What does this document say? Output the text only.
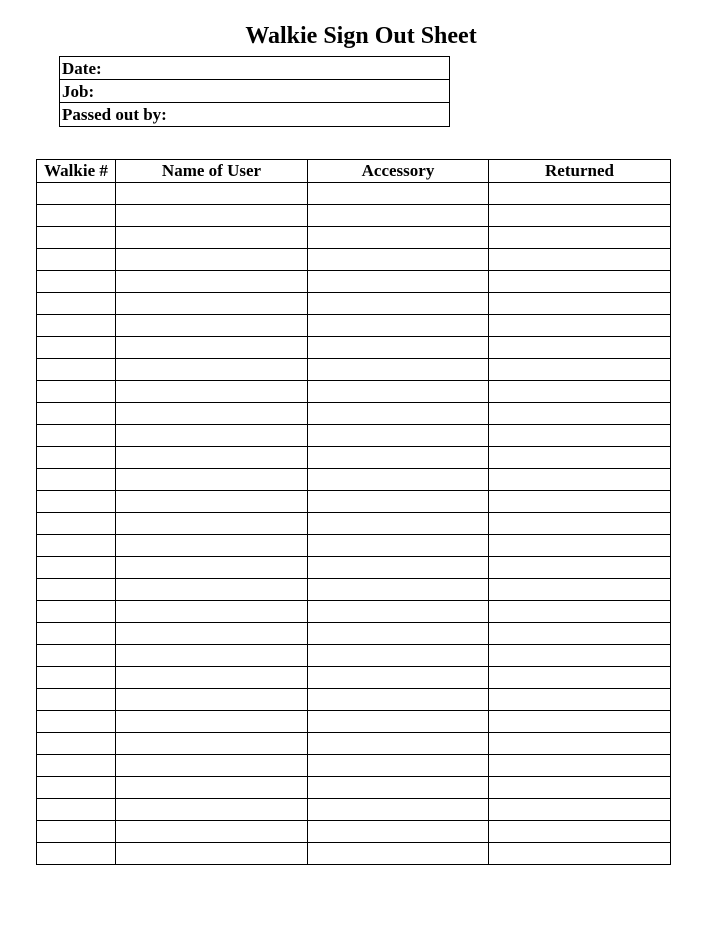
Walkie Sign Out Sheet
Date:
Job:
Passed out by:
Walkie #	Name of User	Accessory	Returned
